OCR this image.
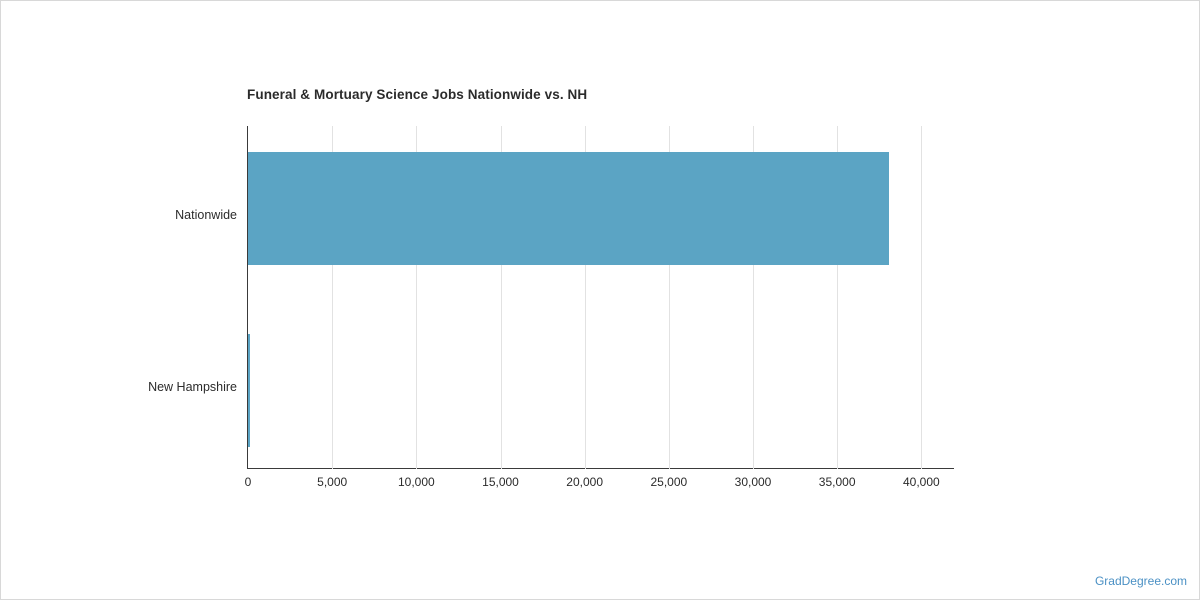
Funeral & Mortuary Science Jobs Nationwide vs. NH
Nationwide
New Hampshire
0	5,000	10,000	15,000	20,000	25,000	30,000	35,000	40,000
GradDegree.com
